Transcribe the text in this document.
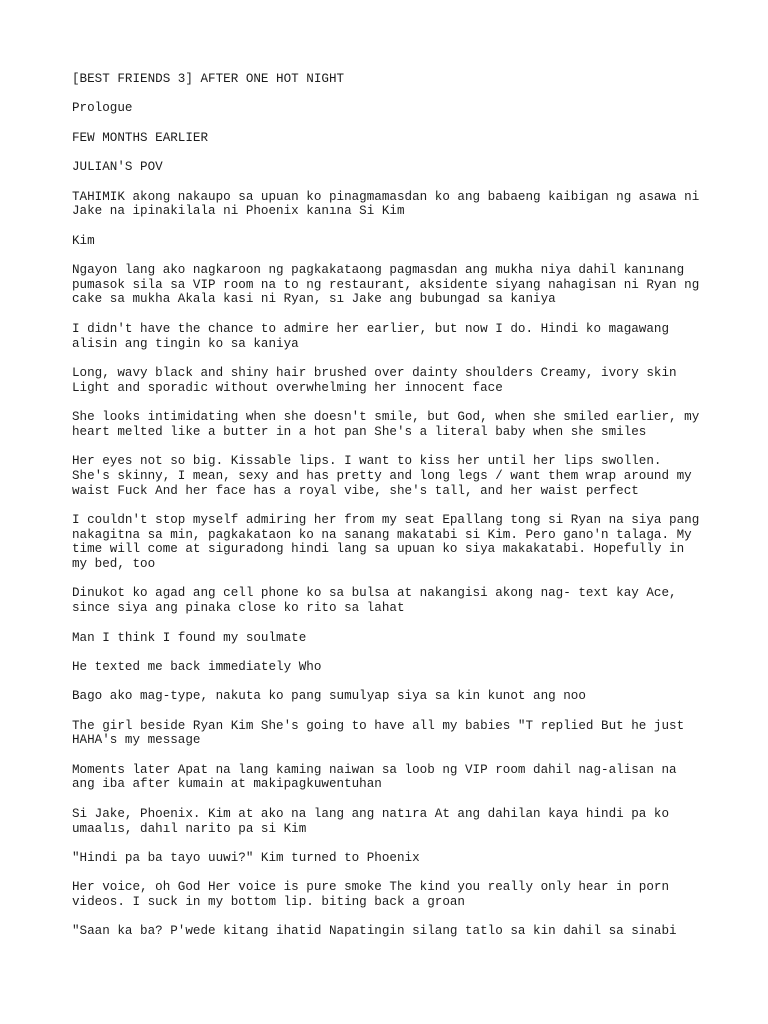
[BEST FRIENDS 3] AFTER ONE HOT NIGHT

Prologue

FEW MONTHS EARLIER

JULIAN'S POV

TAHIMIK akong nakaupo sa upuan ko pinagmamasdan ko ang babaeng kaibigan ng asawa ni
Jake na ipinakilala ni Phoenix kanına Si Kim

Kim

Ngayon lang ako nagkaroon ng pagkakataong pagmasdan ang mukha niya dahil kanınang
pumasok sila sa VIP room na to ng restaurant, aksidente siyang nahagisan ni Ryan ng
cake sa mukha Akala kasi ni Ryan, sı Jake ang bubungad sa kaniya

I didn't have the chance to admire her earlier, but now I do. Hindi ko magawang
alisin ang tingin ko sa kaniya

Long, wavy black and shiny hair brushed over dainty shoulders Creamy, ivory skin
Light and sporadic without overwhelming her innocent face

She looks intimidating when she doesn't smile, but God, when she smiled earlier, my
heart melted like a butter in a hot pan She's a literal baby when she smiles

Her eyes not so big. Kissable lips. I want to kiss her until her lips swollen.
She's skinny, I mean, sexy and has pretty and long legs / want them wrap around my
waist Fuck And her face has a royal vibe, she's tall, and her waist perfect

I couldn't stop myself admiring her from my seat Epallang tong si Ryan na siya pang
nakagitna sa min, pagkakataon ko na sanang makatabi si Kim. Pero gano'n talaga. My
time will come at siguradong hindi lang sa upuan ko siya makakatabi. Hopefully in
my bed, too

Dinukot ko agad ang cell phone ko sa bulsa at nakangisi akong nag- text kay Ace,
since siya ang pinaka close ko rito sa lahat

Man I think I found my soulmate

He texted me back immediately Who

Bago ako mag-type, nakuta ko pang sumulyap siya sa kin kunot ang noo

The girl beside Ryan Kim She's going to have all my babies "T replied But he just
HAHA's my message

Moments later Apat na lang kaming naiwan sa loob ng VIP room dahil nag-alisan na
ang iba after kumain at makipagkuwentuhan

Si Jake, Phoenix. Kim at ako na lang ang natıra At ang dahilan kaya hindi pa ko
umaalıs, dahıl narito pa si Kim

"Hindi pa ba tayo uuwi?" Kim turned to Phoenix

Her voice, oh God Her voice is pure smoke The kind you really only hear in porn
videos. I suck in my bottom lip. biting back a groan

"Saan ka ba? P'wede kitang ihatid Napatingin silang tatlo sa kin dahil sa sinabi
